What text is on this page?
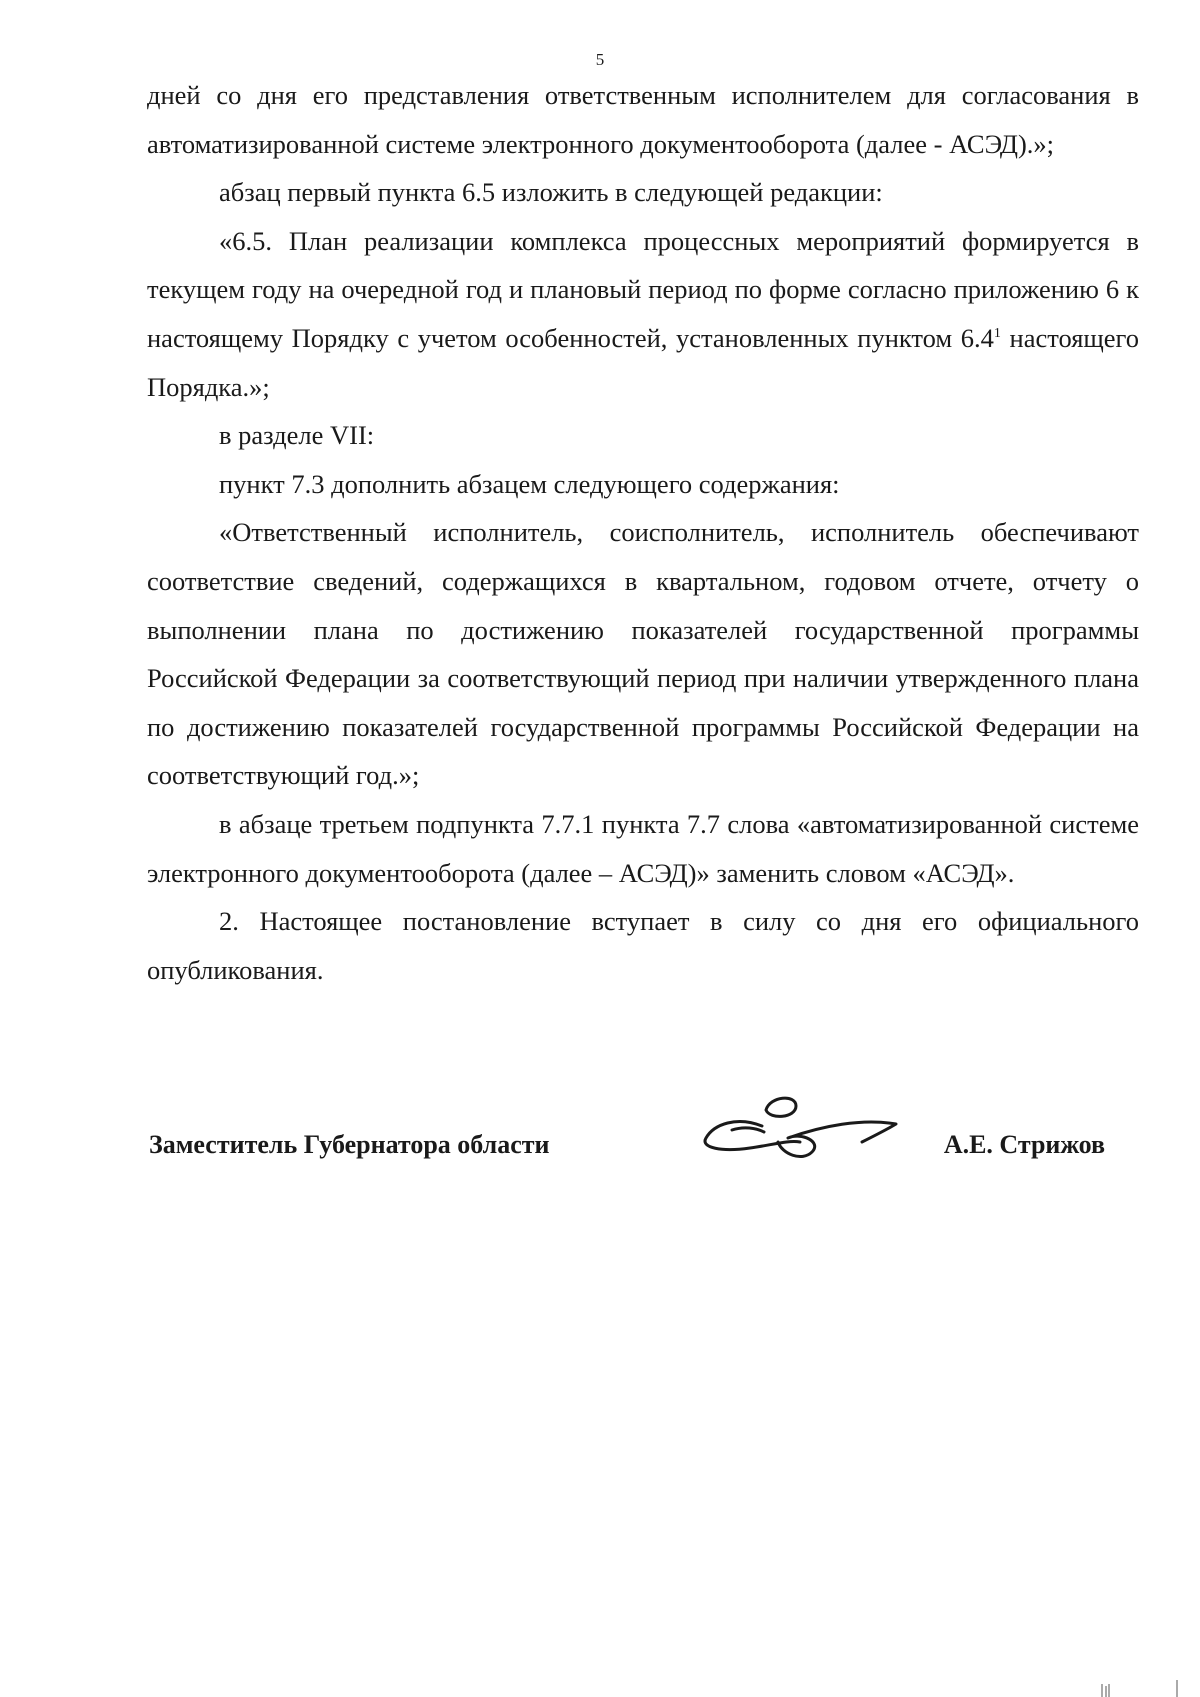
5

дней со дня его представления ответственным исполнителем для согласования в автоматизированной системе электронного документооборота (далее - АСЭД).»;

абзац первый пункта 6.5 изложить в следующей редакции:

«6.5. План реализации комплекса процессных мероприятий формируется в текущем году на очередной год и плановый период по форме согласно приложению 6 к настоящему Порядку с учетом особенностей, установленных пунктом $6.4^1$ настоящего Порядка.»;

в разделе VII:

пункт 7.3 дополнить абзацем следующего содержания:

«Ответственный исполнитель, соисполнитель, исполнитель обеспечивают соответствие сведений, содержащихся в квартальном, годовом отчете, отчету о выполнении плана по достижению показателей государственной программы Российской Федерации за соответствующий период при наличии утвержденного плана по достижению показателей государственной программы Российской Федерации на соответствующий год.»;

в абзаце третьем подпункта 7.7.1 пункта 7.7 слова «автоматизированной системе электронного документооборота (далее – АСЭД)» заменить словом «АСЭД».

2. Настоящее постановление вступает в силу со дня его официального опубликования.

Заместитель Губернатора области	А.Е. Стрижов
